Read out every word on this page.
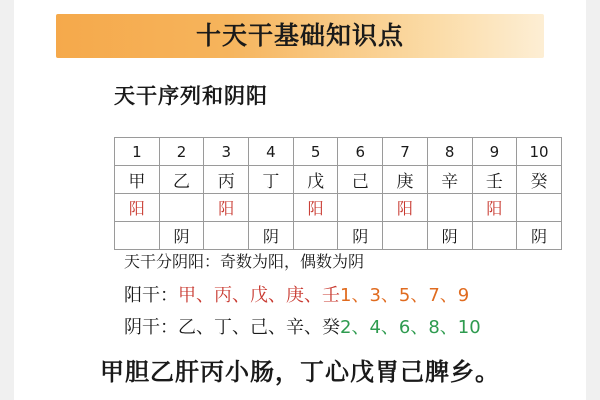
十天干基础知识点
天干序列和阴阳
1	2	3	4	5	6	7	8	9	10
甲	乙	丙	丁	戊	己	庚	辛	壬	癸
阳		阳		阳		阳		阳	
	阴		阴		阴		阴		阴
天干分阴阳：奇数为阳，偶数为阴
阳干：甲、丙、戊、庚、壬1、3、5、7、9
阴干：乙、丁、己、辛、癸2、4、6、8、10
甲胆乙肝丙小肠，丁心戊胃己脾乡。
